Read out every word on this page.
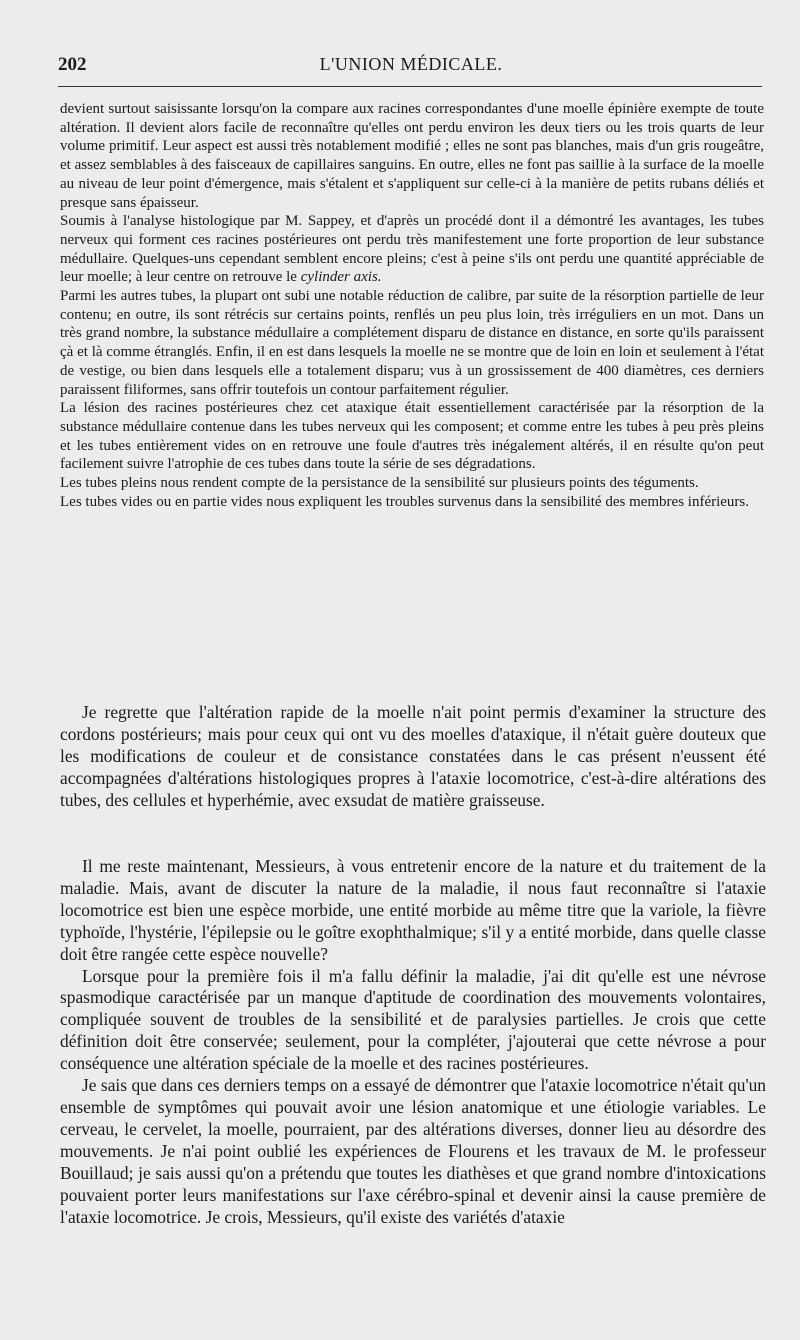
202	L'UNION MÉDICALE.

devient surtout saisissante lorsqu'on la compare aux racines correspondantes d'une moelle épinière exempte de toute altération. Il devient alors facile de reconnaître qu'elles ont perdu environ les deux tiers ou les trois quarts de leur volume primitif. Leur aspect est aussi très notablement modifié ; elles ne sont pas blanches, mais d'un gris rougeâtre, et assez semblables à des faisceaux de capillaires sanguins. En outre, elles ne font pas saillie à la surface de la moelle au niveau de leur point d'émergence, mais s'étalent et s'appliquent sur celle-ci à la manière de petits rubans déliés et presque sans épaisseur.

Soumis à l'analyse histologique par M. Sappey, et d'après un procédé dont il a démontré les avantages, les tubes nerveux qui forment ces racines postérieures ont perdu très manifestement une forte proportion de leur substance médullaire. Quelques-uns cependant semblent encore pleins; c'est à peine s'ils ont perdu une quantité appréciable de leur moelle; à leur centre on retrouve le cylinder axis.

Parmi les autres tubes, la plupart ont subi une notable réduction de calibre, par suite de la résorption partielle de leur contenu; en outre, ils sont rétrécis sur certains points, renflés un peu plus loin, très irréguliers en un mot. Dans un très grand nombre, la substance médullaire a complétement disparu de distance en distance, en sorte qu'ils paraissent çà et là comme étranglés. Enfin, il en est dans lesquels la moelle ne se montre que de loin en loin et seulement à l'état de vestige, ou bien dans lesquels elle a totalement disparu; vus à un grossissement de 400 diamètres, ces derniers paraissent filiformes, sans offrir toutefois un contour parfaitement régulier.

La lésion des racines postérieures chez cet ataxique était essentiellement caractérisée par la résorption de la substance médullaire contenue dans les tubes nerveux qui les composent; et comme entre les tubes à peu près pleins et les tubes entièrement vides on en retrouve une foule d'autres très inégalement altérés, il en résulte qu'on peut facilement suivre l'atrophie de ces tubes dans toute la série de ses dégradations.

Les tubes pleins nous rendent compte de la persistance de la sensibilité sur plusieurs points des téguments.

Les tubes vides ou en partie vides nous expliquent les troubles survenus dans la sensibilité des membres inférieurs.

Je regrette que l'altération rapide de la moelle n'ait point permis d'examiner la structure des cordons postérieurs; mais pour ceux qui ont vu des moelles d'ataxique, il n'était guère douteux que les modifications de couleur et de consistance constatées dans le cas présent n'eussent été accompagnées d'altérations histologiques propres à l'ataxie locomotrice, c'est-à-dire altérations des tubes, des cellules et hyperhémie, avec exsudat de matière graisseuse.

Il me reste maintenant, Messieurs, à vous entretenir encore de la nature et du traitement de la maladie. Mais, avant de discuter la nature de la maladie, il nous faut reconnaître si l'ataxie locomotrice est bien une espèce morbide, une entité morbide au même titre que la variole, la fièvre typhoïde, l'hystérie, l'épilepsie ou le goître exophthalmique; s'il y a entité morbide, dans quelle classe doit être rangée cette espèce nouvelle?

Lorsque pour la première fois il m'a fallu définir la maladie, j'ai dit qu'elle est une névrose spasmodique caractérisée par un manque d'aptitude de coordination des mouvements volontaires, compliquée souvent de troubles de la sensibilité et de paralysies partielles. Je crois que cette définition doit être conservée; seulement, pour la compléter, j'ajouterai que cette névrose a pour conséquence une altération spéciale de la moelle et des racines postérieures.

Je sais que dans ces derniers temps on a essayé de démontrer que l'ataxie locomotrice n'était qu'un ensemble de symptômes qui pouvait avoir une lésion anatomique et une étiologie variables. Le cerveau, le cervelet, la moelle, pourraient, par des altérations diverses, donner lieu au désordre des mouvements. Je n'ai point oublié les expériences de Flourens et les travaux de M. le professeur Bouillaud; je sais aussi qu'on a prétendu que toutes les diathèses et que grand nombre d'intoxications pouvaient porter leurs manifestations sur l'axe cérébro-spinal et devenir ainsi la cause première de l'ataxie locomotrice. Je crois, Messieurs, qu'il existe des variétés d'ataxie
